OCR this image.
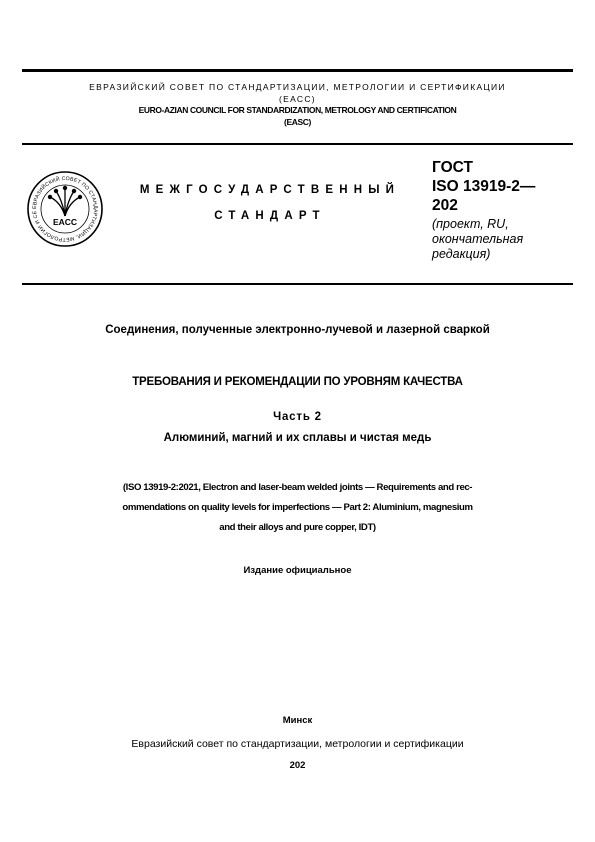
ЕВРАЗИЙСКИЙ СОВЕТ ПО СТАНДАРТИЗАЦИИ, МЕТРОЛОГИИ И СЕРТИФИКАЦИИ
(ЕАСС)
EURO-AZIAN COUNCIL FOR STANDARDIZATION, METROLOGY AND CERTIFICATION
(EASC)
ЕВРАЗИЙСКИЙ СОВЕТ ПО СТАНДАРТИЗАЦИИ, МЕТРОЛОГИИ И СЕ
EACC
МЕЖГОСУДАРСТВЕННЫЙ
СТАНДАРТ
ГОСТ
ISO 13919-2—
202
(проект, RU,
окончательная
редакция)
Соединения, полученные электронно-лучевой и лазерной сваркой
ТРЕБОВАНИЯ И РЕКОМЕНДАЦИИ ПО УРОВНЯМ КАЧЕСТВА
Часть 2
Алюминий, магний и их сплавы и чистая медь
(ISO 13919-2:2021, Electron and laser-beam welded joints — Requirements and rec-
ommendations on quality levels for imperfections — Part 2: Aluminium, magnesium
and their alloys and pure copper, IDT)
Издание официальное
Минск
Евразийский совет по стандартизации, метрологии и сертификации
202
